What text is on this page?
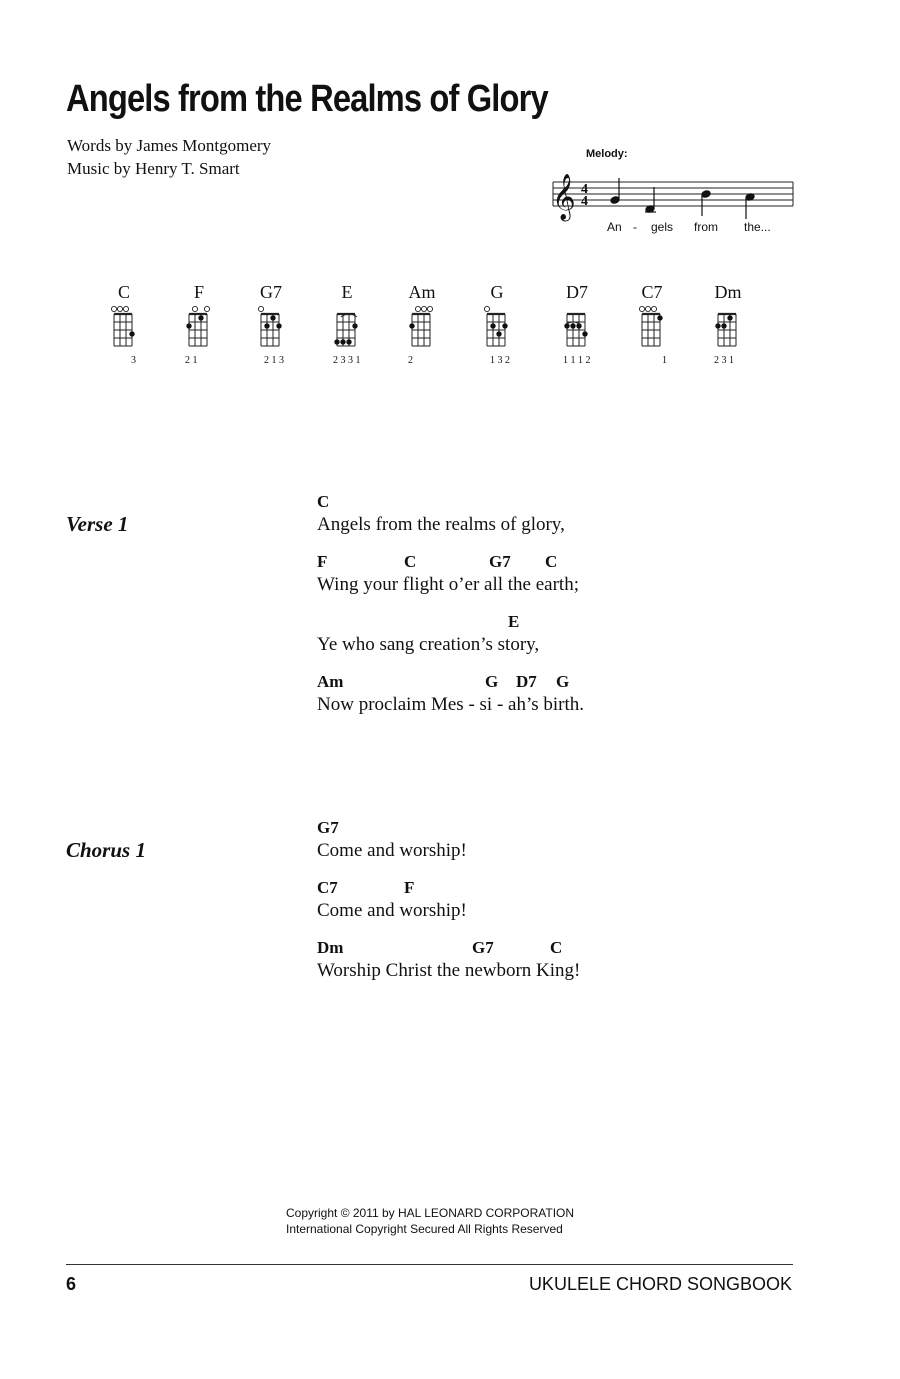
Angels from the Realms of Glory
Words by James Montgomery
Music by Henry T. Smart
Melody:
𝄞 4
4
An - gels from the...
C
3
F
2 1
G7
2 1 3
E
2 3 3 1
Am
2
G
1 3 2
D7
1 1 1 2
C7
1
Dm
2 3 1
Verse 1
C
Angels from the realms of glory,
F	C	G7 C
Wing your flight o’er all the earth;
E
Ye who sang creation’s story,
Am	G D7 G
Now proclaim Mes - si - ah’s birth.
Chorus 1
G7
Come and worship!
C7	F
Come and worship!
Dm	G7	C
Worship Christ the newborn King!
Copyright © 2011 by HAL LEONARD CORPORATION
International Copyright Secured All Rights Reserved
6	UKULELE CHORD SONGBOOK
